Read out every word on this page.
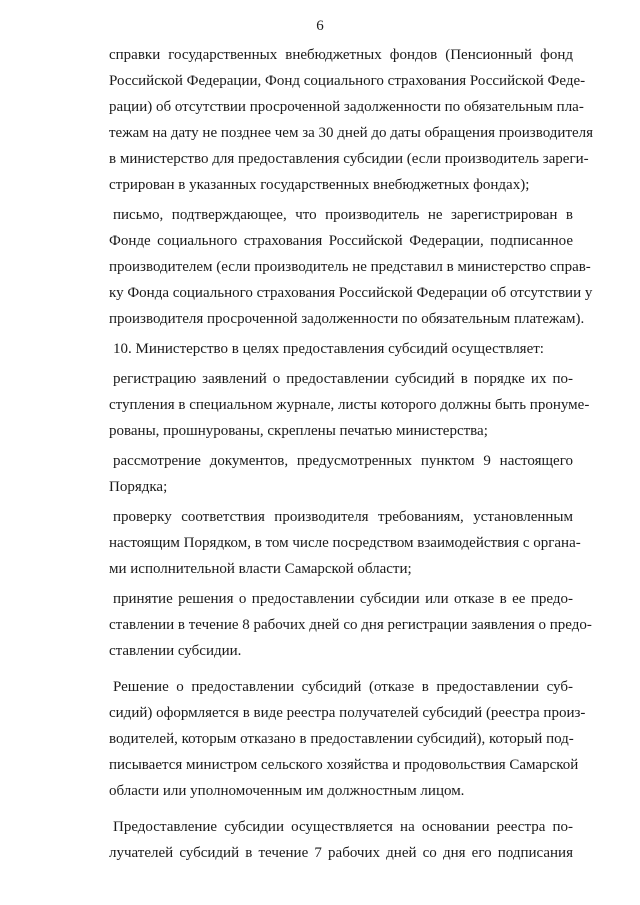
6
справки государственных внебюджетных фондов (Пенсионный фонд
Российской Федерации, Фонд социального страхования Российской Феде-
рации) об отсутствии просроченной задолженности по обязательным пла-
тежам на дату не позднее чем за 30 дней до даты обращения производителя
в министерство для предоставления субсидии (если производитель зареги-
стрирован в указанных государственных внебюджетных фондах);
письмо, подтверждающее, что производитель не зарегистрирован в
Фонде социального страхования Российской Федерации, подписанное
производителем (если производитель не представил в министерство справ-
ку Фонда социального страхования Российской Федерации об отсутствии у
производителя просроченной задолженности по обязательным платежам).
10. Министерство в целях предоставления субсидий осуществляет:
регистрацию заявлений о предоставлении субсидий в порядке их по-
ступления в специальном журнале, листы которого должны быть пронуме-
рованы, прошнурованы, скреплены печатью министерства;
рассмотрение документов, предусмотренных пунктом 9 настоящего
Порядка;
проверку соответствия производителя требованиям, установленным
настоящим Порядком, в том числе посредством взаимодействия с органа-
ми исполнительной власти Самарской области;
принятие решения о предоставлении субсидии или отказе в ее предо-
ставлении в течение 8 рабочих дней со дня регистрации заявления о предо-
ставлении субсидии.
Решение о предоставлении субсидий (отказе в предоставлении суб-
сидий) оформляется в виде реестра получателей субсидий (реестра произ-
водителей, которым отказано в предоставлении субсидий), который под-
писывается министром сельского хозяйства и продовольствия Самарской
области или уполномоченным им должностным лицом.
Предоставление субсидии осуществляется на основании реестра по-
лучателей субсидий в течение 7 рабочих дней со дня его подписания
